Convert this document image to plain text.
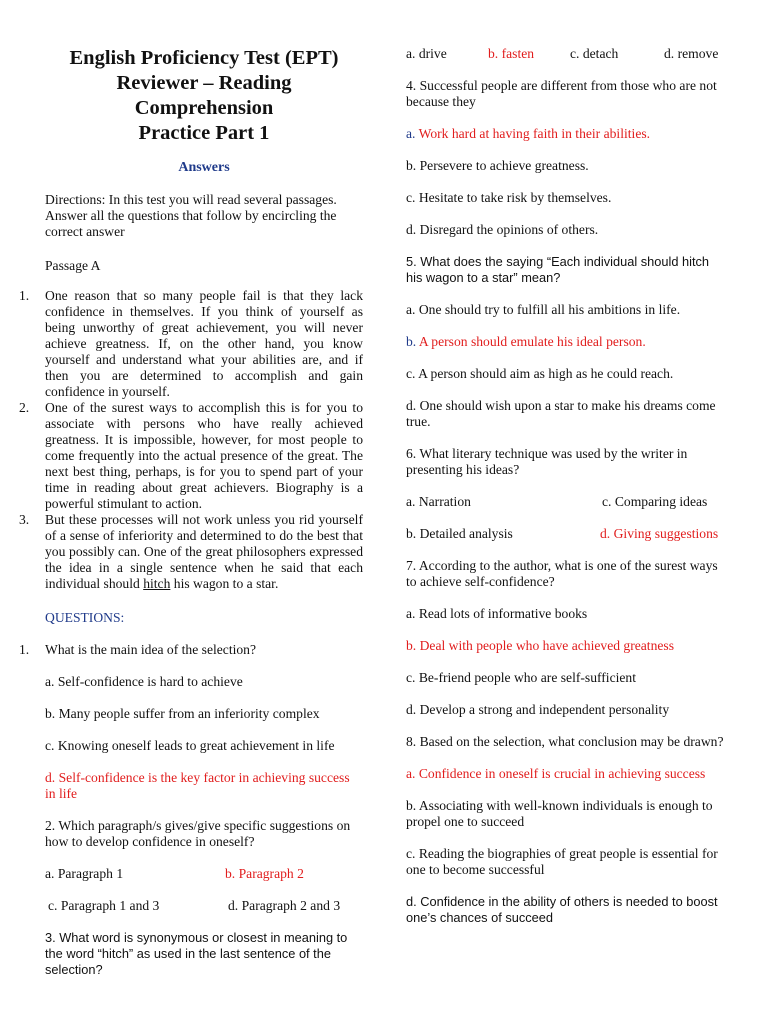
English Proficiency Test (EPT)
Reviewer – Reading Comprehension
Practice Part 1
Answers
Directions: In this test you will read several passages. Answer all the questions that follow by encircling the correct answer
Passage A
1. One reason that so many people fail is that they lack confidence in themselves. If you think of yourself as being unworthy of great achievement, you will never achieve greatness. If, on the other hand, you know yourself and understand what your abilities are, and if then you are determined to accomplish and gain confidence in yourself.
2. One of the surest ways to accomplish this is for you to associate with persons who have really achieved greatness. It is impossible, however, for most people to come frequently into the actual presence of the great. The next best thing, perhaps, is for you to spend part of your time in reading about great achievers. Biography is a powerful stimulant to action.
3. But these processes will not work unless you rid yourself of a sense of inferiority and determined to do the best that you possibly can. One of the great philosophers expressed the idea in a single sentence when he said that each individual should hitch his wagon to a star.
QUESTIONS:
1. What is the main idea of the selection?
a. Self-confidence is hard to achieve
b. Many people suffer from an inferiority complex
c. Knowing oneself leads to great achievement in life
d. Self-confidence is the key factor in achieving success in life
2. Which paragraph/s gives/give specific suggestions on how to develop confidence in oneself?
a. Paragraph 1	b. Paragraph 2
c. Paragraph 1 and 3	d. Paragraph 2 and 3
3. What word is synonymous or closest in meaning to the word “hitch” as used in the last sentence of the selection?
a. drive	b. fasten	c. detach	d. remove
4. Successful people are different from those who are not because they
a. Work hard at having faith in their abilities.
b. Persevere to achieve greatness.
c. Hesitate to take risk by themselves.
d. Disregard the opinions of others.
5. What does the saying “Each individual should hitch his wagon to a star” mean?
a. One should try to fulfill all his ambitions in life.
b. A person should emulate his ideal person.
c. A person should aim as high as he could reach.
d. One should wish upon a star to make his dreams come true.
6. What literary technique was used by the writer in presenting his ideas?
a. Narration	c. Comparing ideas
b. Detailed analysis	d. Giving suggestions
7. According to the author, what is one of the surest ways to achieve self-confidence?
a. Read lots of informative books
b. Deal with people who have achieved greatness
c. Be-friend people who are self-sufficient
d. Develop a strong and independent personality
8. Based on the selection, what conclusion may be drawn?
a. Confidence in oneself is crucial in achieving success
b. Associating with well-known individuals is enough to propel one to succeed
c. Reading the biographies of great people is essential for one to become successful
d. Confidence in the ability of others is needed to boost one’s chances of succeed
